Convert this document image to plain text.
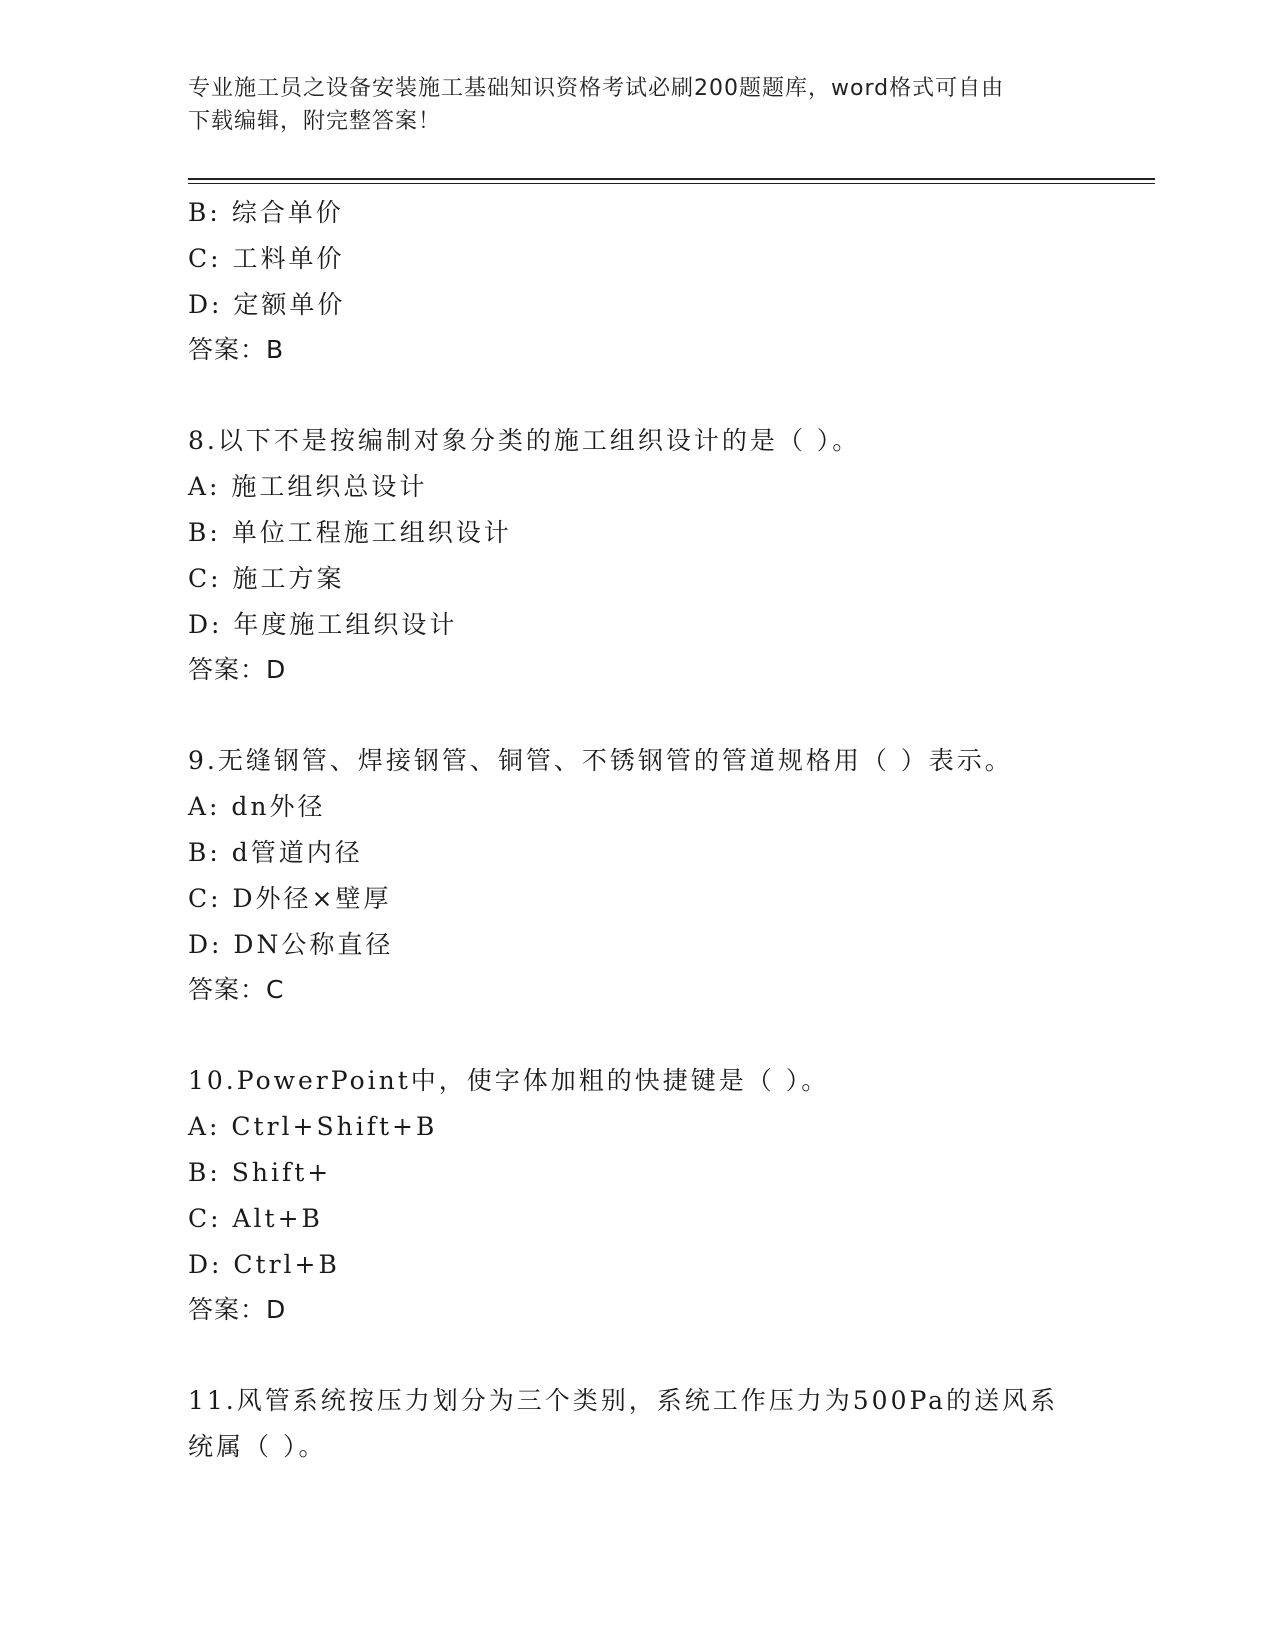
专业施工员之设备安装施工基础知识资格考试必刷200题题库，word格式可自由
下载编辑，附完整答案！
B: 综合单价
C: 工料单价
D: 定额单价
答案：B
8.以下不是按编制对象分类的施工组织设计的是（ ）。
A: 施工组织总设计
B: 单位工程施工组织设计
C: 施工方案
D: 年度施工组织设计
答案：D
9.无缝钢管、焊接钢管、铜管、不锈钢管的管道规格用（ ）表示。
A: dn外径
B: d管道内径
C: D外径×壁厚
D: DN公称直径
答案：C
10.PowerPoint中，使字体加粗的快捷键是（ ）。
A: Ctrl+Shift+B
B: Shift+
C: Alt+B
D: Ctrl+B
答案：D
11.风管系统按压力划分为三个类别，系统工作压力为500Pa的送风系
统属（ ）。
